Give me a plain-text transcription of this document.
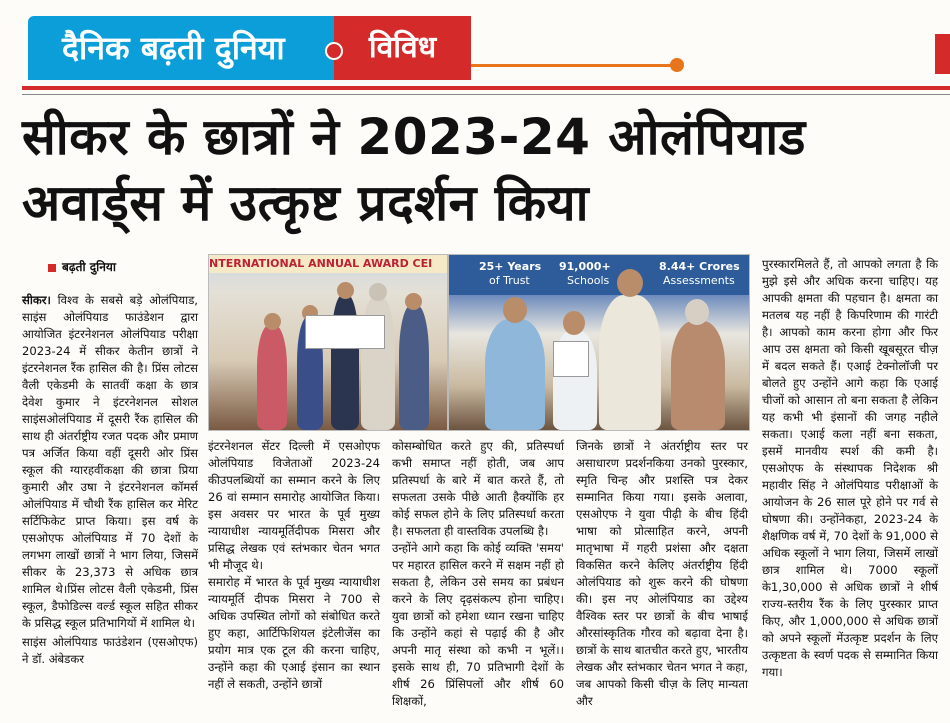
दैनिक बढ़ती दुनिया	विविध
सीकर के छात्रों ने 2023-24 ओलंपियाड
अवार्ड्स में उत्कृष्ट प्रदर्शन किया
बढ़ती दुनिया

सीकर। विश्व के सबसे बड़े ओलंपियाड, साइंस ओलंपियाड फाउंडेशन द्वारा आयोजित इंटरनेशनल ओलंपियाड परीक्षा 2023-24 में सीकर केतीन छात्रों ने इंटरनेशनल रैंक हासिल की है। प्रिंस लोटस वैली एकेडमी के सातवीं कक्षा के छात्र देवेश कुमार ने इंटरनेशनल सोशल साइंसओलंपियाड में दूसरी रैंक हासिल की साथ ही अंतर्राष्ट्रीय रजत पदक और प्रमाण पत्र अर्जित किया वहीं दूसरी ओर प्रिंस स्कूल की ग्यारहवींकक्षा की छात्रा प्रिया कुमारी और उषा ने इंटरनेशनल कॉमर्स ओलंपियाड में चौथी रैंक हासिल कर मेरिट सर्टिफिकेट प्राप्त किया। इस वर्ष के एसओएफ ओलंपियाड में 70 देशों के लगभग लाखों छात्रों ने भाग लिया, जिसमें सीकर के 23,373 से अधिक छात्र शामिल थे।प्रिंस लोटस वैली एकेडमी, प्रिंस स्कूल, डैफोडिल्स वर्ल्ड स्कूल सहित सीकर के प्रसिद्ध स्कूल प्रतिभागियों में शामिल थे।

साइंस ओलंपियाड फाउंडेशन (एसओएफ) ने डॉ. अंबेडकर

NTERNATIONAL ANNUAL AWARD CEI	25+ Years
of Trust
91,000+
Schools
8.44+ Crores
Assessments

इंटरनेशनल सेंटर दिल्ली में एसओएफ ओलंपियाड विजेताओं 2023-24 कीउपलब्धियों का सम्मान करने के लिए 26 वां सम्मान समारोह आयोजित किया। इस अवसर पर भारत के पूर्व मुख्य न्यायाधीश न्यायमूर्तिदीपक मिसरा और प्रसिद्ध लेखक एवं स्तंभकार चेतन भगत भी मौजूद थे।

समारोह में भारत के पूर्व मुख्य न्यायाधीश न्यायमूर्ति दीपक मिसरा ने 700 से अधिक उपस्थित लोगों को संबोधित करते हुए कहा, आर्टिफिशियल इंटेलीजेंस का प्रयोग मात्र एक टूल की करना चाहिए, उन्होंने कहा की एआई इंसान का स्थान नहीं ले सकती, उन्होंने छात्रों

कोसम्बोधित करते हुए की, प्रतिस्पर्धा कभी समाप्त नहीं होती, जब आप प्रतिस्पर्धा के बारे में बात करते हैं, तो सफलता उसके पीछे आती हैक्योंकि हर कोई सफल होने के लिए प्रतिस्पर्धा करता है। सफलता ही वास्तविक उपलब्धि है।

उन्होंने आगे कहा कि कोई व्यक्ति 'समय' पर महारत हासिल करने में सक्षम नहीं हो सकता है, लेकिन उसे समय का प्रबंधन करने के लिए दृढ़संकल्प होना चाहिए। युवा छात्रों को हमेशा ध्यान रखना चाहिए कि उन्होंने कहां से पढ़ाई की है और अपनी मातृ संस्था को कभी न भूलें।। इसके साथ ही, 70 प्रतिभागी देशों के शीर्ष 26 प्रिंसिपलों और शीर्ष 60 शिक्षकों,

जिनके छात्रों ने अंतर्राष्ट्रीय स्तर पर असाधारण प्रदर्शनकिया उनको पुरस्कार, स्मृति चिन्ह और प्रशस्ति पत्र देकर सम्मानित किया गया। इसके अलावा, एसओएफ ने युवा पीढ़ी के बीच हिंदी भाषा को प्रोत्साहित करने, अपनी मातृभाषा में गहरी प्रशंसा और दक्षता विकसित करने केलिए अंतर्राष्ट्रीय हिंदी ओलंपियाड को शुरू करने की घोषणा की। इस नए ओलंपियाड का उद्देश्य वैश्विक स्तर पर छात्रों के बीच भाषाई औरसांस्कृतिक गौरव को बढ़ावा देना है। छात्रों के साथ बातचीत करते हुए, भारतीय लेखक और स्तंभकार चेतन भगत ने कहा, जब आपको किसी चीज़ के लिए मान्यता और

पुरस्कारमिलते हैं, तो आपको लगता है कि मुझे इसे और अधिक करना चाहिए। यह आपकी क्षमता की पहचान है। क्षमता का मतलब यह नहीं है किपरिणाम की गारंटी है। आपको काम करना होगा और फिर आप उस क्षमता को किसी खूबसूरत चीज़ में बदल सकते हैं। एआई टेक्नोलॉजी पर बोलते हुए उन्होंने आगे कहा कि एआई चीजों को आसान तो बना सकता है लेकिन यह कभी भी इंसानों की जगह नहीले सकता। एआई कला नहीं बना सकता, इसमें मानवीय स्पर्श की कमी है। एसओएफ के संस्थापक निदेशक श्री महावीर सिंह ने ओलंपियाड परीक्षाओं के आयोजन के 26 साल पूरे होने पर गर्व से घोषणा की। उन्होंनेकहा, 2023-24 के शैक्षणिक वर्ष में, 70 देशों के 91,000 से अधिक स्कूलों ने भाग लिया, जिसमें लाखों छात्र शामिल थे। 7000 स्कूलों के1,30,000 से अधिक छात्रों ने शीर्ष राज्य-स्तरीय रैंक के लिए पुरस्कार प्राप्त किए, और 1,000,000 से अधिक छात्रों को अपने स्कूलों मेंउत्कृष्ट प्रदर्शन के लिए उत्कृष्टता के स्वर्ण पदक से सम्मानित किया गया।
